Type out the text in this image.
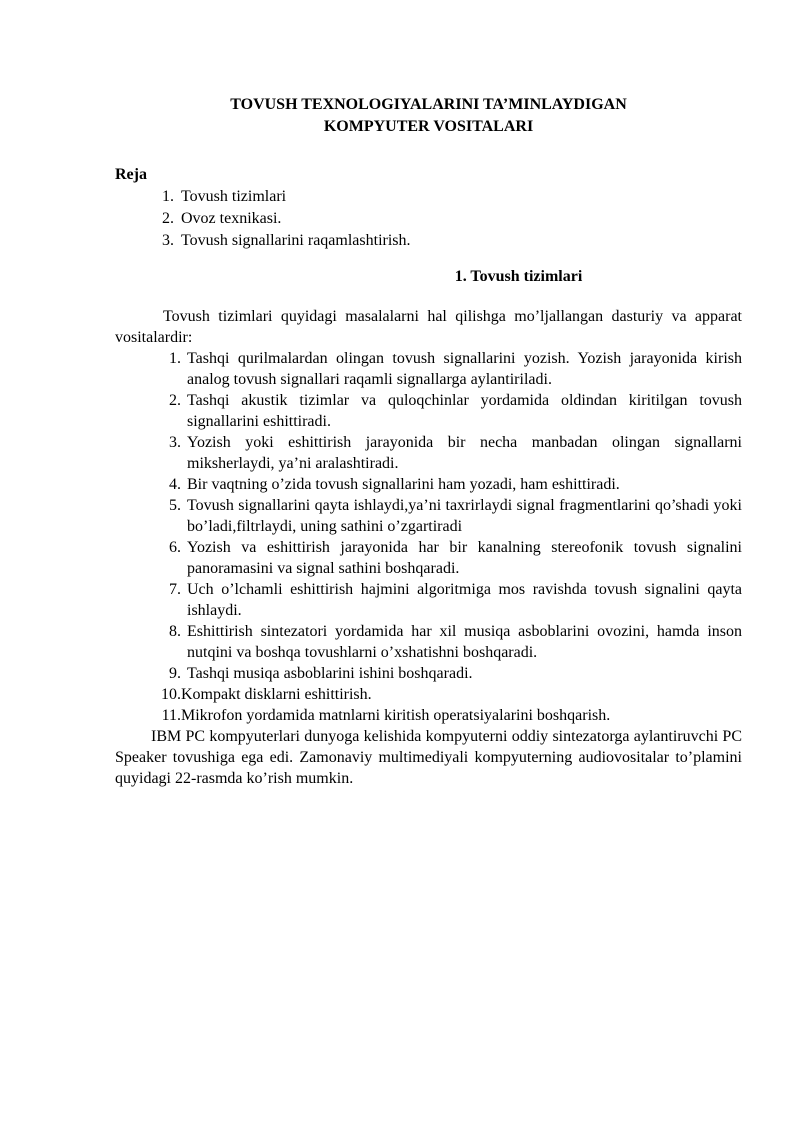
TOVUSH TEXNOLOGIYALARINI TA’MINLAYDIGAN
KOMPYUTER VOSITALARI

Reja
1. Tovush tizimlari
2. Ovoz texnikasi.
3. Tovush signallarini raqamlashtirish.
1. Tovush tizimlari

Tovush tizimlari quyidagi masalalarni hal qilishga mo’ljallangan dasturiy va apparat vositalardir:

1. Tashqi qurilmalardan olingan tovush signallarini yozish. Yozish jarayonida kirish analog tovush signallari raqamli signallarga aylantiriladi.
2. Tashqi akustik tizimlar va quloqchinlar yordamida oldindan kiritilgan tovush signallarini eshittiradi.
3. Yozish yoki eshittirish jarayonida bir necha manbadan olingan signallarni miksherlaydi, ya’ni aralashtiradi.
4. Bir vaqtning o’zida tovush signallarini ham yozadi, ham eshittiradi.
5. Tovush signallarini qayta ishlaydi,ya’ni taxrirlaydi signal fragmentlarini qo’shadi yoki bo’ladi,filtrlaydi, uning sathini o’zgartiradi
6. Yozish va eshittirish jarayonida har bir kanalning stereofonik tovush signalini panoramasini va signal sathini boshqaradi.
7. Uch o’lchamli eshittirish hajmini algoritmiga mos ravishda tovush signalini qayta ishlaydi.
8. Eshittirish sintezatori yordamida har xil musiqa asboblarini ovozini, hamda inson nutqini va boshqa tovushlarni o’xshatishni boshqaradi.
9. Tashqi musiqa asboblarini ishini boshqaradi.
10. Kompakt disklarni eshittirish.
11. Mikrofon yordamida matnlarni kiritish operatsiyalarini boshqarish.

IBM PC kompyuterlari dunyoga kelishida kompyuterni oddiy sintezatorga aylantiruvchi PC Speaker tovushiga ega edi. Zamonaviy multimediyali kompyuterning audiovositalar to’plamini quyidagi 22-rasmda ko’rish mumkin.
